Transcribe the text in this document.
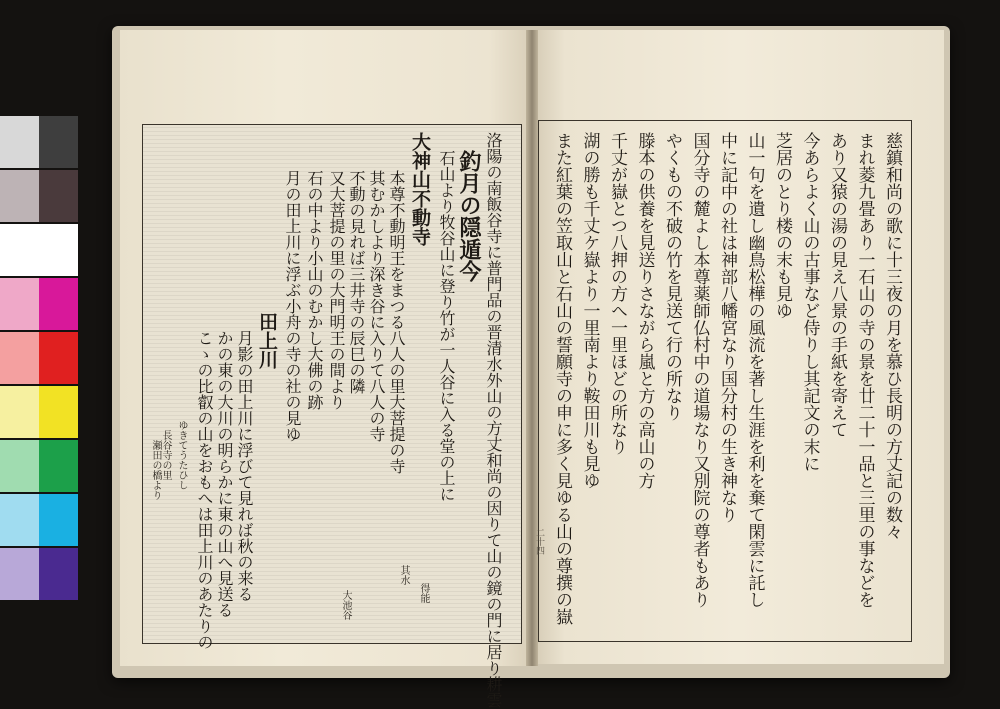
慈鎮和尚の歌に十三夜の月を慕ひ長明の方丈記の数々
まれ菱九畳あり一石山の寺の景を廿二十一品と三里の事などを
あり又猿の湯の見え八景の手紙を寄えて
今あらよく山の古事など侍りし其記文の末に
芝居のとり楼の末も見ゆ
山一句を遺し幽鳥松樺の風流を著し生涯を利を棄て閑雲に託し
中に記中の社は神部八幡宮なり国分村の生き神なり
国分寺の麓よし本尊薬師仏村中の道場なり又別院の尊者もあり
やくもの不破の竹を見送て行の所なり
滕本の供養を見送りさながら嵐と方の高山の方
千丈が嶽とつ八押の方へ一里ほどの所なり
湖の勝も千丈ケ嶽より一里南より鞍田川も見ゆ
また紅葉の笠取山と石山の誓願寺の申に多く見ゆる山の尊撰の嶽
釣月の隠遁今
大神山不動寺
田上川	洛陽の南飯谷寺に普門品の晋清水外山の方丈和尚の因りて山の鏡の門に居り耕雲
石山より牧谷山に登り竹が一人谷に入る堂の上に
本尊不動明王をまつる八人の里大菩提の寺
其むかしより深き谷に入りて八人の寺
不動の見れば三井寺の辰巳の隣
又大菩提の里の大門明王の間より
石の中より小山のむかし大佛の跡
月の田上川に浮ぶ小舟の寺の社の見ゆ
月影の田上川に浮びて見れば秋の来る
かの東の大川の明らかに東の山へ見送る
こゝの比叡の山をおもへは田上川のあたりの
ゆきてうたひし
長谷寺の里
瀬田の橋より
得能
其水
大池谷
二十四
